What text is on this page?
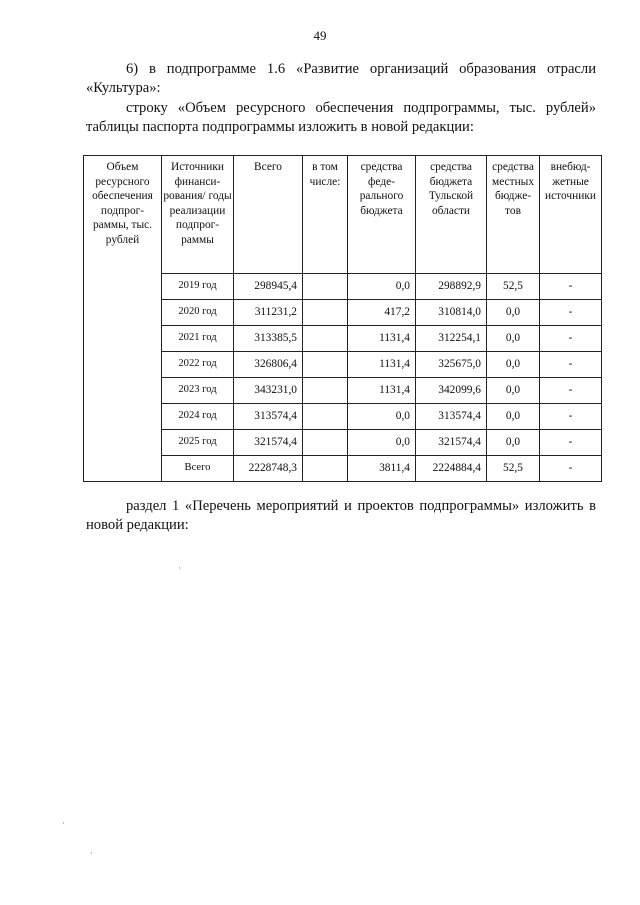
49

6) в подпрограмме 1.6 «Развитие организаций образования отрасли «Культура»:

строку «Объем ресурсного обеспечения подпрограммы, тыс. рублей» таблицы паспорта подпрограммы изложить в новой редакции:

Объем ресурсного обеспечения подпрог-раммы, тыс. рублей	Источники финанси-рования/ годы реализации подпрог-раммы	Всего	в том числе:	средства феде-рального бюджета	средства бюджета Тульской области	средства местных бюдже-тов	внебюд-жетные источники
	2019 год	298945,4		0,0	298892,9	52,5	-
	2020 год	311231,2		417,2	310814,0	0,0	-
	2021 год	313385,5		1131,4	312254,1	0,0	-
	2022 год	326806,4		1131,4	325675,0	0,0	-
	2023 год	343231,0		1131,4	342099,6	0,0	-
	2024 год	313574,4		0,0	313574,4	0,0	-
	2025 год	321574,4		0,0	321574,4	0,0	-
	Всего	2228748,3		3811,4	2224884,4	52,5	-

раздел 1 «Перечень мероприятий и проектов подпрограммы» изложить в новой редакции:

·
·
·
